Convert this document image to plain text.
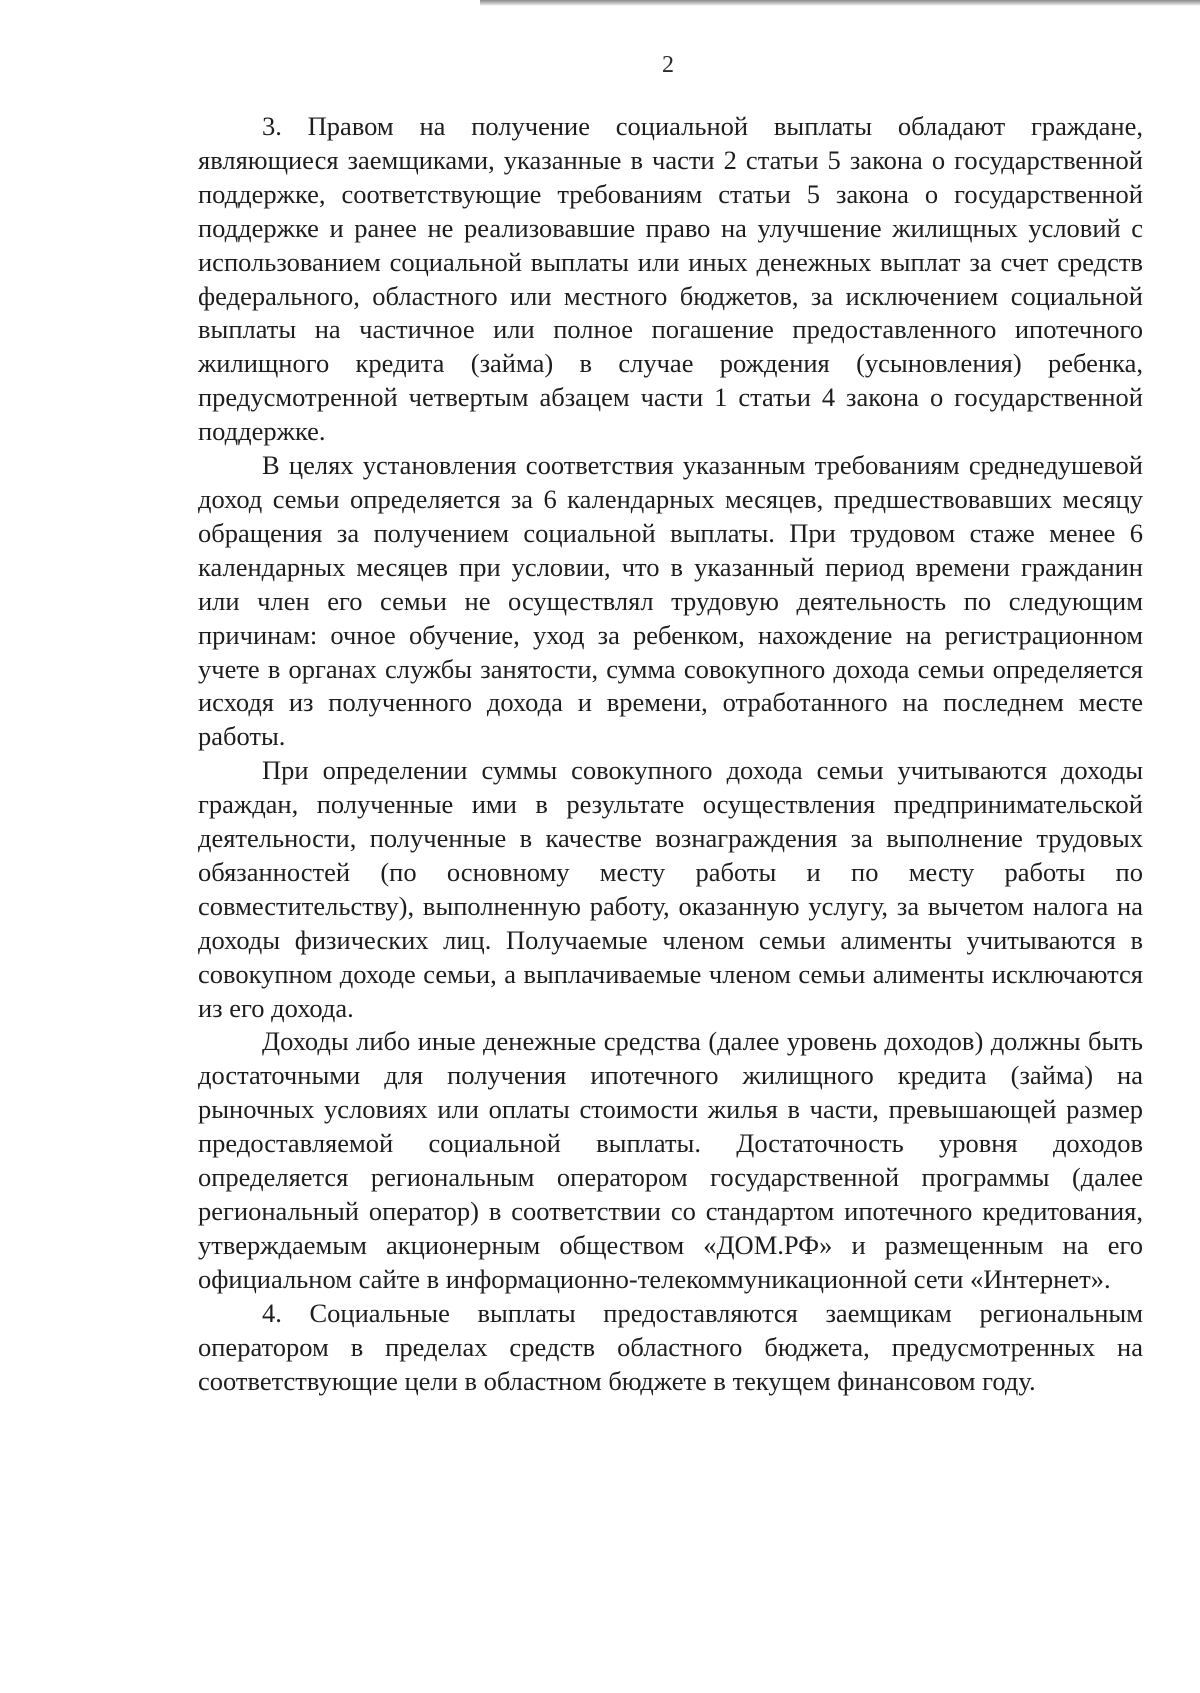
2

3. Правом на получение социальной выплаты обладают граждане, являющиеся заемщиками, указанные в части 2 статьи 5 закона о государственной поддержке, соответствующие требованиям статьи 5 закона о государственной поддержке и ранее не реализовавшие право на улучшение жилищных условий с использованием социальной выплаты или иных денежных выплат за счет средств федерального, областного или местного бюджетов, за исключением социальной выплаты на частичное или полное погашение предоставленного ипотечного жилищного кредита (займа) в случае рождения (усыновления) ребенка, предусмотренной четвертым абзацем части 1 статьи 4 закона о государственной поддержке.

В целях установления соответствия указанным требованиям среднедушевой доход семьи определяется за 6 календарных месяцев, предшествовавших месяцу обращения за получением социальной выплаты. При трудовом стаже менее 6 календарных месяцев при условии, что в указанный период времени гражданин или член его семьи не осуществлял трудовую деятельность по следующим причинам: очное обучение, уход за ребенком, нахождение на регистрационном учете в органах службы занятости, сумма совокупного дохода семьи определяется исходя из полученного дохода и времени, отработанного на последнем месте работы.

При определении суммы совокупного дохода семьи учитываются доходы граждан, полученные ими в результате осуществления предпринимательской деятельности, полученные в качестве вознаграждения за выполнение трудовых обязанностей (по основному месту работы и по месту работы по совместительству), выполненную работу, оказанную услугу, за вычетом налога на доходы физических лиц. Получаемые членом семьи алименты учитываются в совокупном доходе семьи, а выплачиваемые членом семьи алименты исключаются из его дохода.

Доходы либо иные денежные средства (далее уровень доходов) должны быть достаточными для получения ипотечного жилищного кредита (займа) на рыночных условиях или оплаты стоимости жилья в части, превышающей размер предоставляемой социальной выплаты. Достаточность уровня доходов определяется региональным оператором государственной программы (далее региональный оператор) в соответствии со стандартом ипотечного кредитования, утверждаемым акционерным обществом «ДОМ.РФ» и размещенным на его официальном сайте в информационно-телекоммуникационной сети «Интернет».

4. Социальные выплаты предоставляются заемщикам региональным оператором в пределах средств областного бюджета, предусмотренных на соответствующие цели в областном бюджете в текущем финансовом году.
